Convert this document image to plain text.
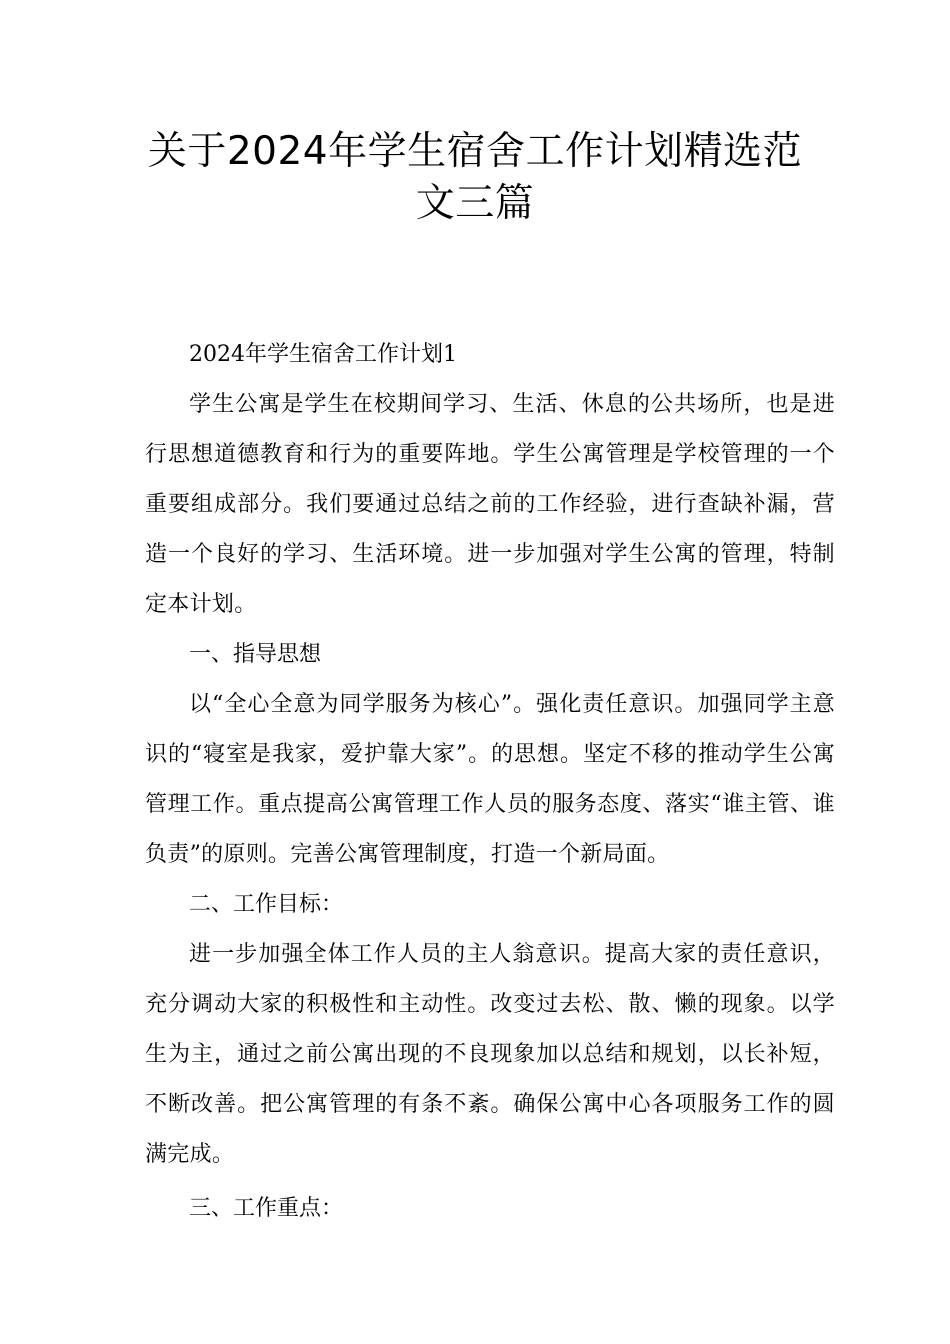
关于2024年学生宿舍工作计划精选范
文三篇

2024年学生宿舍工作计划1

学生公寓是学生在校期间学习、生活、休息的公共场所，也是进行思想道德教育和行为的重要阵地。学生公寓管理是学校管理的一个重要组成部分。我们要通过总结之前的工作经验，进行查缺补漏，营造一个良好的学习、生活环境。进一步加强对学生公寓的管理，特制定本计划。

一、指导思想

以“全心全意为同学服务为核心”。强化责任意识。加强同学主意识的“寝室是我家，爱护靠大家”。的思想。坚定不移的推动学生公寓管理工作。重点提高公寓管理工作人员的服务态度、落实“谁主管、谁负责”的原则。完善公寓管理制度，打造一个新局面。

二、工作目标：

进一步加强全体工作人员的主人翁意识。提高大家的责任意识，充分调动大家的积极性和主动性。改变过去松、散、懒的现象。以学生为主，通过之前公寓出现的不良现象加以总结和规划，以长补短，不断改善。把公寓管理的有条不紊。确保公寓中心各项服务工作的圆满完成。

三、工作重点：
